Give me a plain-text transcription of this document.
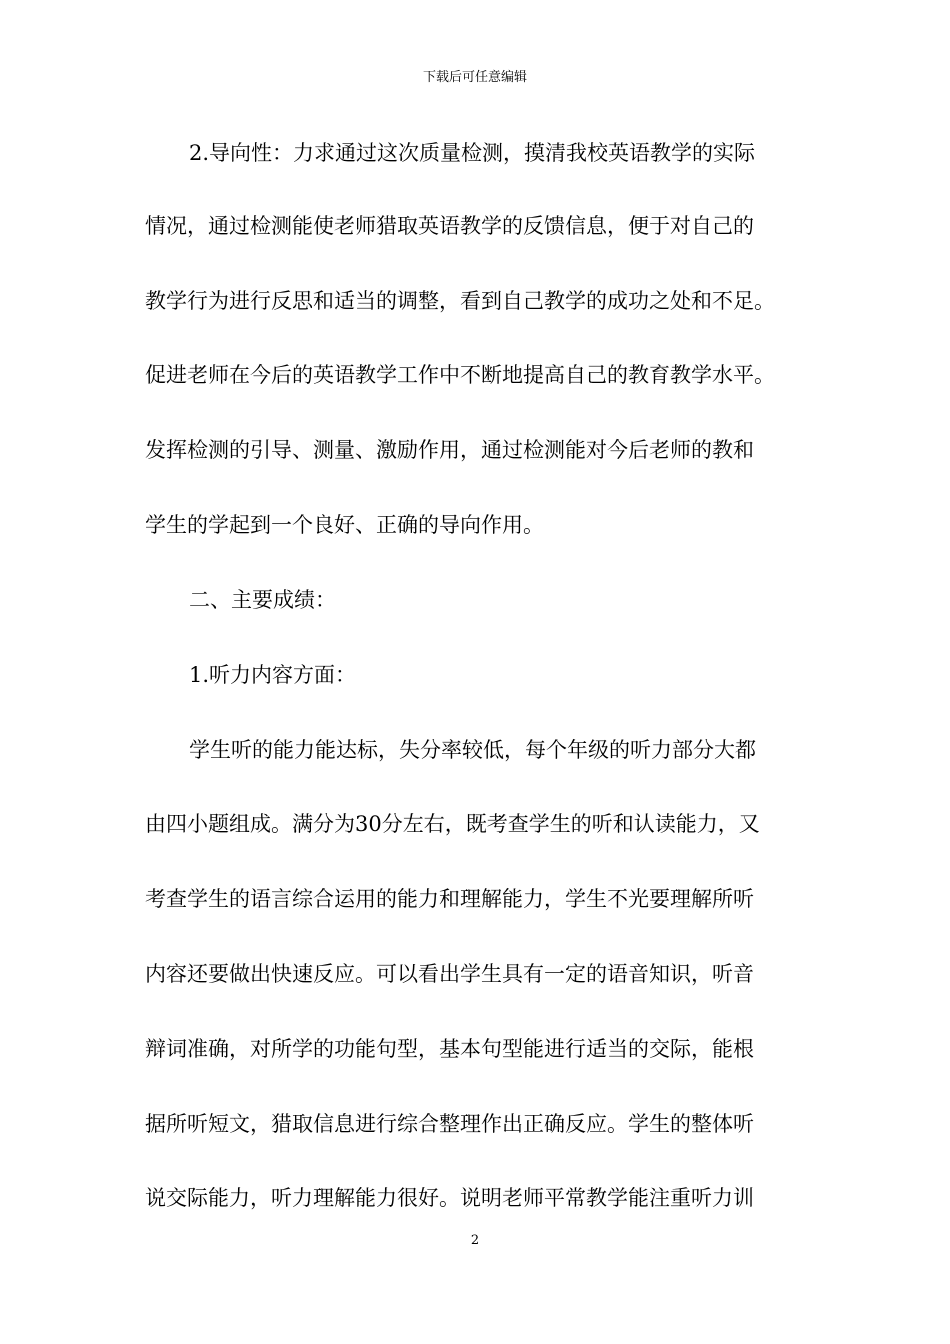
下载后可任意编辑
2.导向性：力求通过这次质量检测，摸清我校英语教学的实际
情况，通过检测能使老师猎取英语教学的反馈信息，便于对自己的
教学行为进行反思和适当的调整，看到自己教学的成功之处和不足。
促进老师在今后的英语教学工作中不断地提高自己的教育教学水平。
发挥检测的引导、测量、激励作用，通过检测能对今后老师的教和
学生的学起到一个良好、正确的导向作用。
二、主要成绩：
1.听力内容方面：
学生听的能力能达标，失分率较低，每个年级的听力部分大都
由四小题组成。满分为30分左右，既考查学生的听和认读能力，又
考查学生的语言综合运用的能力和理解能力，学生不光要理解所听
内容还要做出快速反应。可以看出学生具有一定的语音知识，听音
辩词准确，对所学的功能句型，基本句型能进行适当的交际，能根
据所听短文，猎取信息进行综合整理作出正确反应。学生的整体听
说交际能力，听力理解能力很好。说明老师平常教学能注重听力训
2
